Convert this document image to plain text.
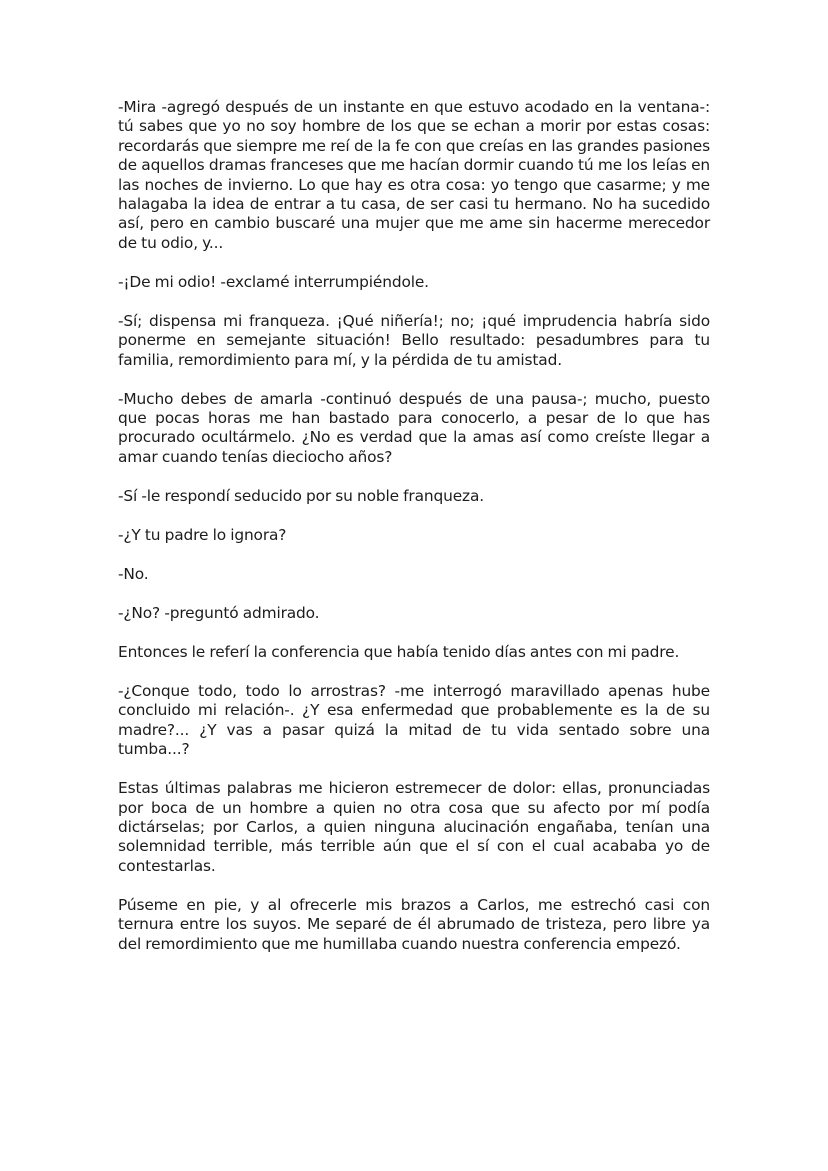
-Mira -agregó después de un instante en que estuvo acodado en la ventana-: tú sabes que yo no soy hombre de los que se echan a morir por estas cosas: recordarás que siempre me reí de la fe con que creías en las grandes pasiones de aquellos dramas franceses que me hacían dormir cuando tú me los leías en las noches de invierno. Lo que hay es otra cosa: yo tengo que casarme; y me halagaba la idea de entrar a tu casa, de ser casi tu hermano. No ha sucedido así, pero en cambio buscaré una mujer que me ame sin hacerme merecedor de tu odio, y...

-¡De mi odio! -exclamé interrumpiéndole.

-Sí; dispensa mi franqueza. ¡Qué niñería!; no; ¡qué imprudencia habría sido ponerme en semejante situación! Bello resultado: pesadumbres para tu familia, remordimiento para mí, y la pérdida de tu amistad.

-Mucho debes de amarla -continuó después de una pausa-; mucho, puesto que pocas horas me han bastado para conocerlo, a pesar de lo que has procurado ocultármelo. ¿No es verdad que la amas así como creíste llegar a amar cuando tenías dieciocho años?

-Sí -le respondí seducido por su noble franqueza.

-¿Y tu padre lo ignora?

-No.

-¿No? -preguntó admirado.

Entonces le referí la conferencia que había tenido días antes con mi padre.

-¿Conque todo, todo lo arrostras? -me interrogó maravillado apenas hube concluido mi relación-. ¿Y esa enfermedad que probablemente es la de su madre?... ¿Y vas a pasar quizá la mitad de tu vida sentado sobre una tumba...?

Estas últimas palabras me hicieron estremecer de dolor: ellas, pronunciadas por boca de un hombre a quien no otra cosa que su afecto por mí podía dictárselas; por Carlos, a quien ninguna alucinación engañaba, tenían una solemnidad terrible, más terrible aún que el sí con el cual acababa yo de contestarlas.

Púseme en pie, y al ofrecerle mis brazos a Carlos, me estrechó casi con ternura entre los suyos. Me separé de él abrumado de tristeza, pero libre ya del remordimiento que me humillaba cuando nuestra conferencia empezó.
